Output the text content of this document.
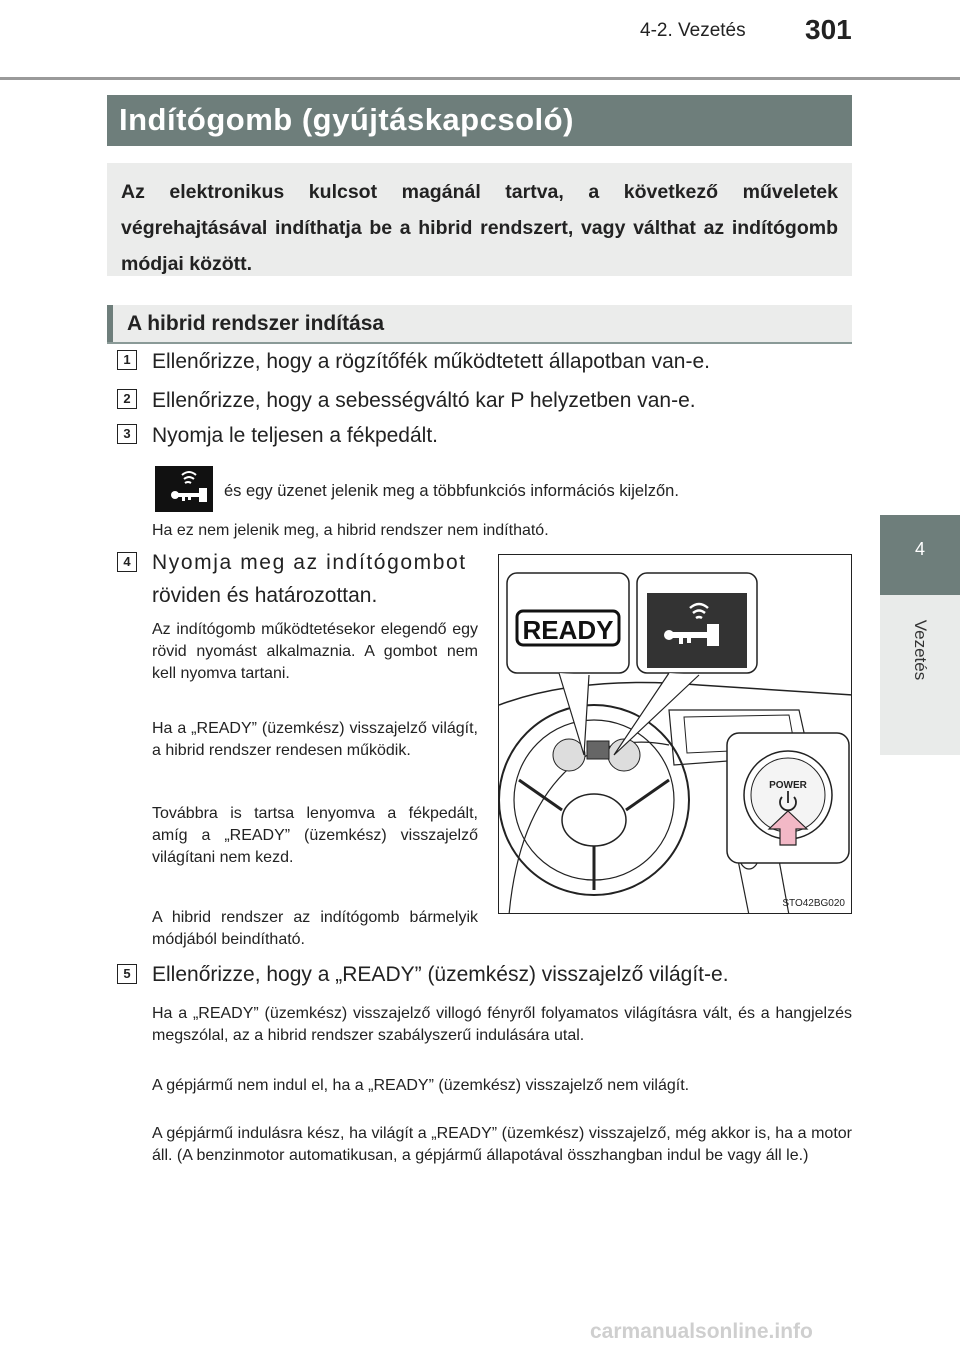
4-2. Vezetés 301
4
Vezetés
Indítógomb (gyújtáskapcsoló)

Az elektronikus kulcsot magánál tartva, a következő műveletek végrehajtásával indíthatja be a hibrid rendszert, vagy válthat az indítógomb módjai között.

A hibrid rendszer indítása
1	Ellenőrizze, hogy a rögzítőfék működtetett állapotban van-e.
2	Ellenőrizze, hogy a sebességváltó kar P helyzetben van-e.
3	Nyomja le teljesen a fékpedált.
és egy üzenet jelenik meg a többfunkciós információs kijelzőn.
Ha ez nem jelenik meg, a hibrid rendszer nem indítható.
4	Nyomja meg az indítógombot
röviden és határozottan.

Az indítógomb működtetésekor elegendő egy rövid nyomást alkalmaznia. A gombot nem kell nyomva tartani.

Ha a „READY” (üzemkész) visszajelző világít, a hibrid rendszer rendesen működik.

Továbbra is tartsa lenyomva a fékpedált, amíg a „READY” (üzemkész) visszajelző világítani nem kezd.

A hibrid rendszer az indítógomb bármelyik módjából beindítható.

READY
POWER
STO42BG020
5	Ellenőrizze, hogy a „READY” (üzemkész) visszajelző világít-e.

Ha a „READY” (üzemkész) visszajelző villogó fényről folyamatos világításra vált, és a hangjelzés megszólal, az a hibrid rendszer szabályszerű indulására utal.

A gépjármű nem indul el, ha a „READY” (üzemkész) visszajelző nem világít.

A gépjármű indulásra kész, ha világít a „READY” (üzemkész) visszajelző, még akkor is, ha a motor áll. (A benzinmotor automatikusan, a gépjármű állapotával összhangban indul be vagy áll le.)

carmanualsonline.info
